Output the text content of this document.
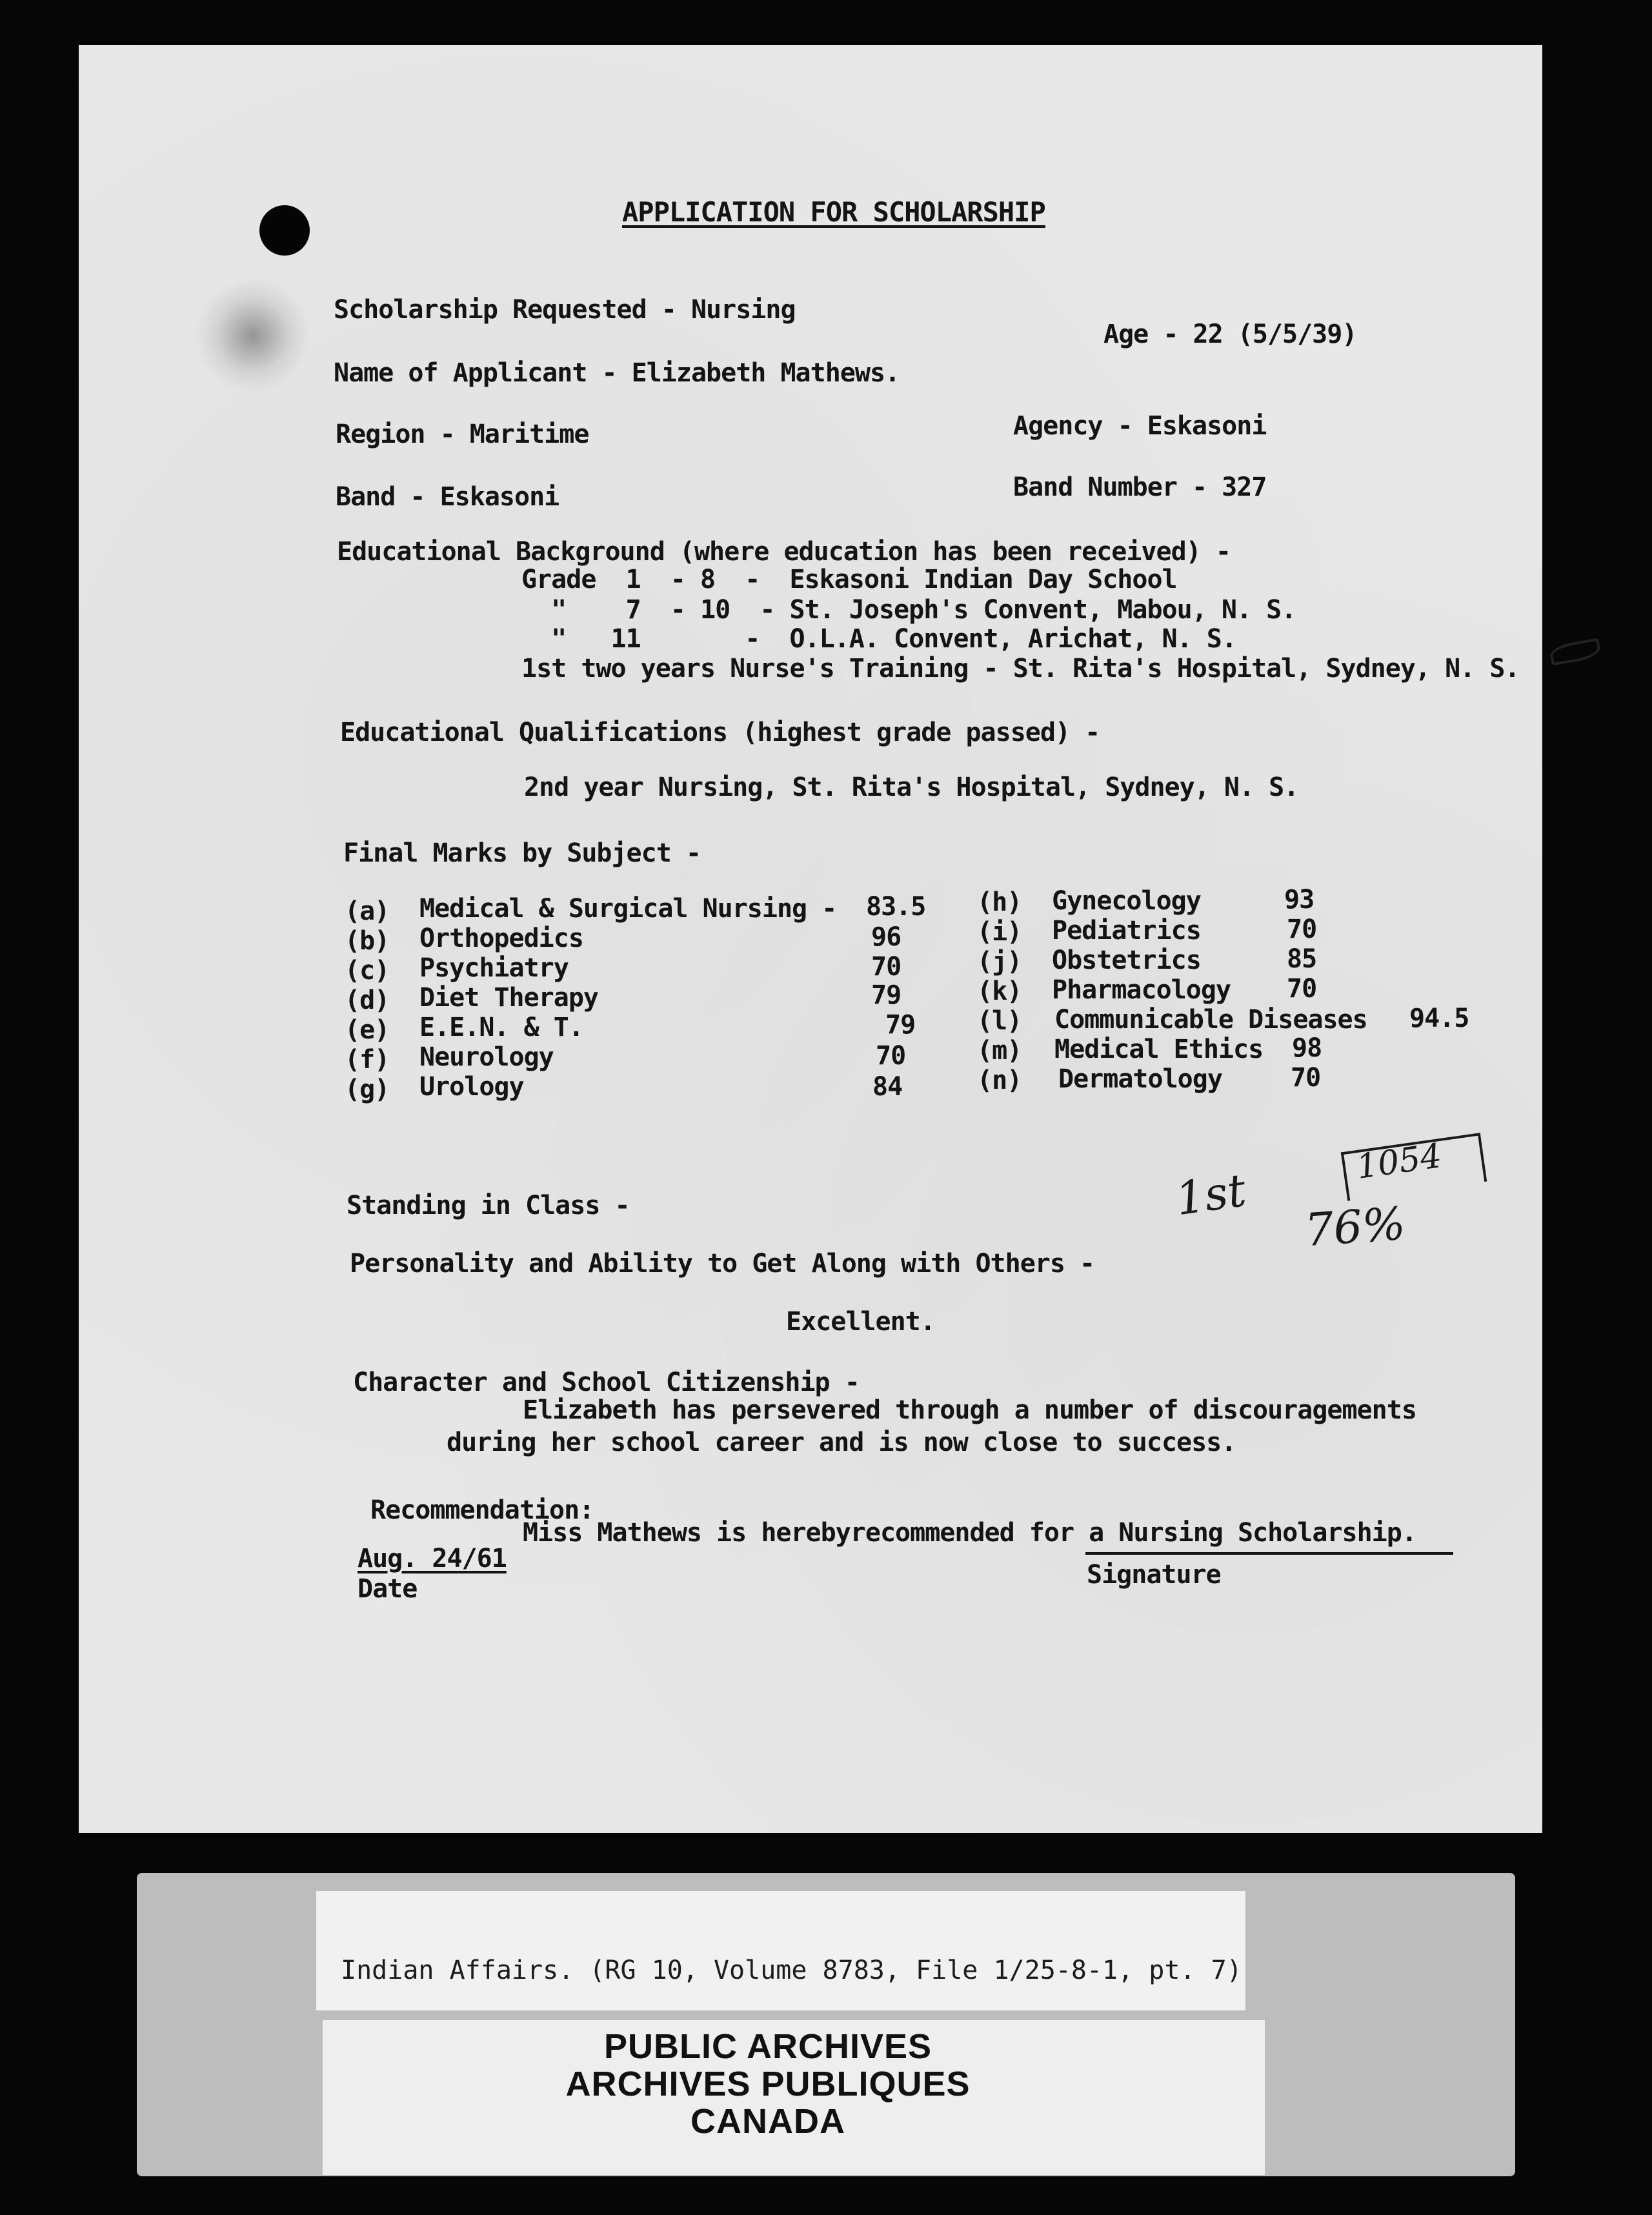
APPLICATION FOR SCHOLARSHIP
Scholarship Requested - Nursing
Age - 22 (5/5/39)
Name of Applicant - Elizabeth Mathews.
Region - Maritime	Agency - Eskasoni
Band - Eskasoni	Band Number - 327
Educational Background (where education has been received) -
Grade  1  - 8  -  Eskasoni Indian Day School
"    7  - 10  - St. Joseph's Convent, Mabou, N. S.
"   11       -  O.L.A. Convent, Arichat, N. S.
1st two years Nurse's Training - St. Rita's Hospital, Sydney, N. S.
Educational Qualifications (highest grade passed) -
2nd year Nursing, St. Rita's Hospital, Sydney, N. S.
Final Marks by Subject -
(a) Medical & Surgical Nursing - 83.5
(b) Orthopedics	96
(c) Psychiatry	70
(d) Diet Therapy	79
(e) E.E.N. & T.	79
(f) Neurology	70
(g) Urology	84
(h) Gynecology	93
(i) Pediatrics	70
(j) Obstetrics	85
(k) Pharmacology 70
(l) Communicable Diseases 94.5
(m) Medical Ethics 98
(n) Dermatology	70
Standing in Class -	1st
1054
76%
Personality and Ability to Get Along with Others -
Excellent.
Character and School Citizenship -
Elizabeth has persevered through a number of discouragements
during her school career and is now close to success.
Recommendation:
Miss Mathews is herebyrecommended for a Nursing Scholarship.
Aug. 24/61
Date	Signature
Indian Affairs. (RG 10, Volume 8783, File 1/25-8-1, pt. 7)
PUBLIC ARCHIVES
ARCHIVES PUBLIQUES
CANADA
